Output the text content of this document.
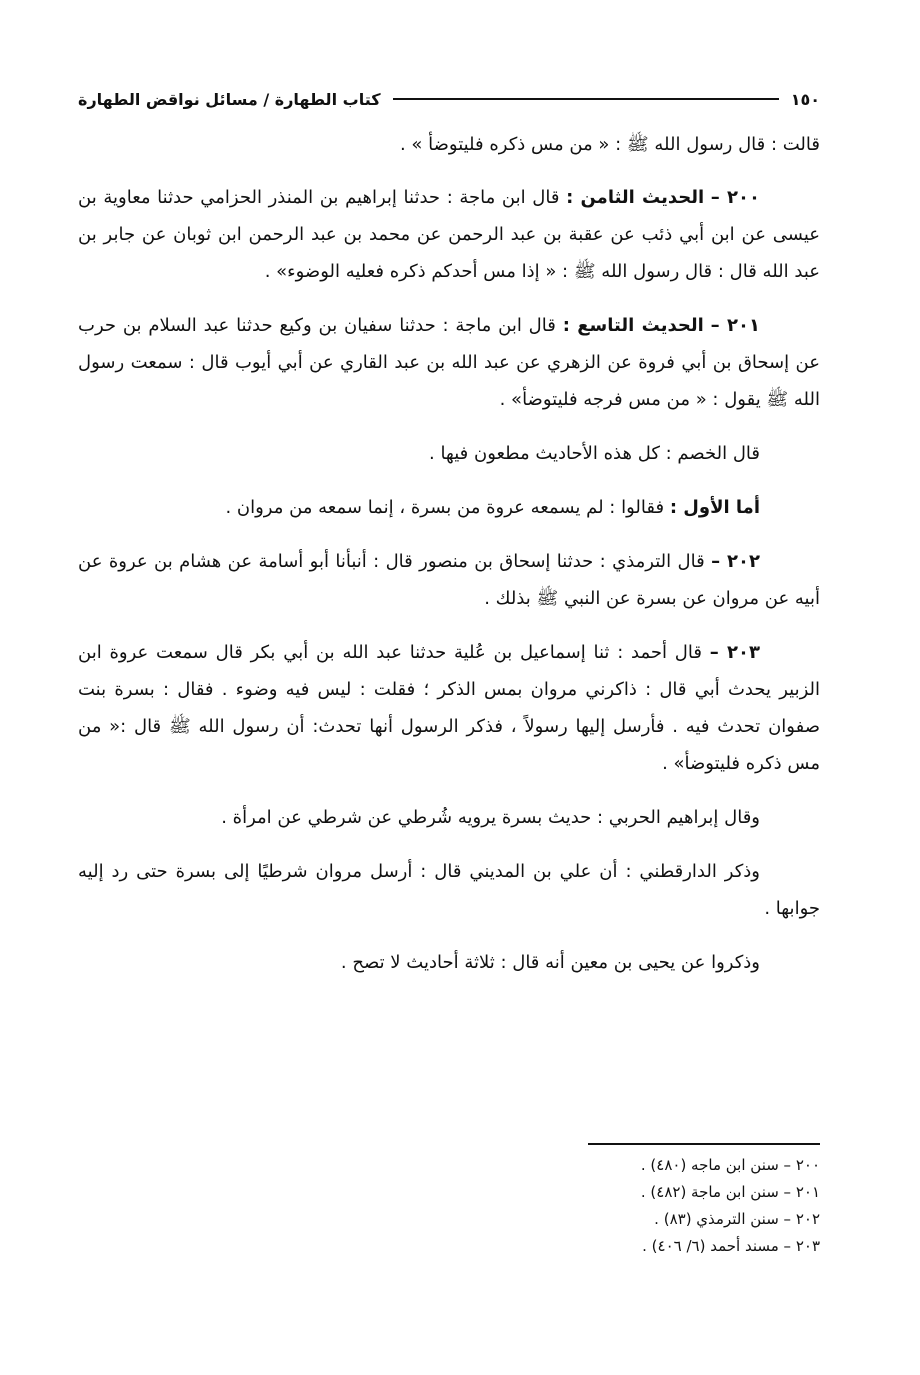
١٥٠
كتاب الطهارة / مسائل نواقض الطهارة

قالت : قال رسول الله ﷺ : « من مس ذكره فليتوضأ » .

٢٠٠ – الحديث الثامن : قال ابن ماجة : حدثنا إبراهيم بن المنذر الحزامي حدثنا معاوية بن عيسى عن ابن أبي ذئب عن عقبة بن عبد الرحمن عن محمد بن عبد الرحمن ابن ثوبان عن جابر بن عبد الله قال : قال رسول الله ﷺ : « إذا مس أحدكم ذكره فعليه الوضوء» .

٢٠١ – الحديث التاسع : قال ابن ماجة : حدثنا سفيان بن وكيع حدثنا عبد السلام بن حرب عن إسحاق بن أبي فروة عن الزهري عن عبد الله بن عبد القاري عن أبي أيوب قال : سمعت رسول الله ﷺ يقول : « من مس فرجه فليتوضأ» .

قال الخصم : كل هذه الأحاديث مطعون فيها .

أما الأول : فقالوا : لم يسمعه عروة من بسرة ، إنما سمعه من مروان .

٢٠٢ – قال الترمذي : حدثنا إسحاق بن منصور قال : أنبأنا أبو أسامة عن هشام بن عروة عن أبيه عن مروان عن بسرة عن النبي ﷺ بذلك .

٢٠٣ – قال أحمد : ثنا إسماعيل بن عُلية حدثنا عبد الله بن أبي بكر قال سمعت عروة ابن الزبير يحدث أبي قال : ذاكرني مروان بمس الذكر ؛ فقلت : ليس فيه وضوء . فقال : بسرة بنت صفوان تحدث فيه . فأرسل إليها رسولاً ، فذكر الرسول أنها تحدث: أن رسول الله ﷺ قال :« من مس ذكره فليتوضأ» .

وقال إبراهيم الحربي : حديث بسرة يرويه شُرطي عن شرطي عن امرأة .

وذكر الدارقطني : أن علي بن المديني قال : أرسل مروان شرطيًا إلى بسرة حتى رد إليه جوابها .

وذكروا عن يحيى بن معين أنه قال : ثلاثة أحاديث لا تصح .

٢٠٠ – سنن ابن ماجه (٤٨٠) .

٢٠١ – سنن ابن ماجة (٤٨٢) .

٢٠٢ – سنن الترمذي (٨٣) .

٢٠٣ – مسند أحمد (٦/ ٤٠٦) .
